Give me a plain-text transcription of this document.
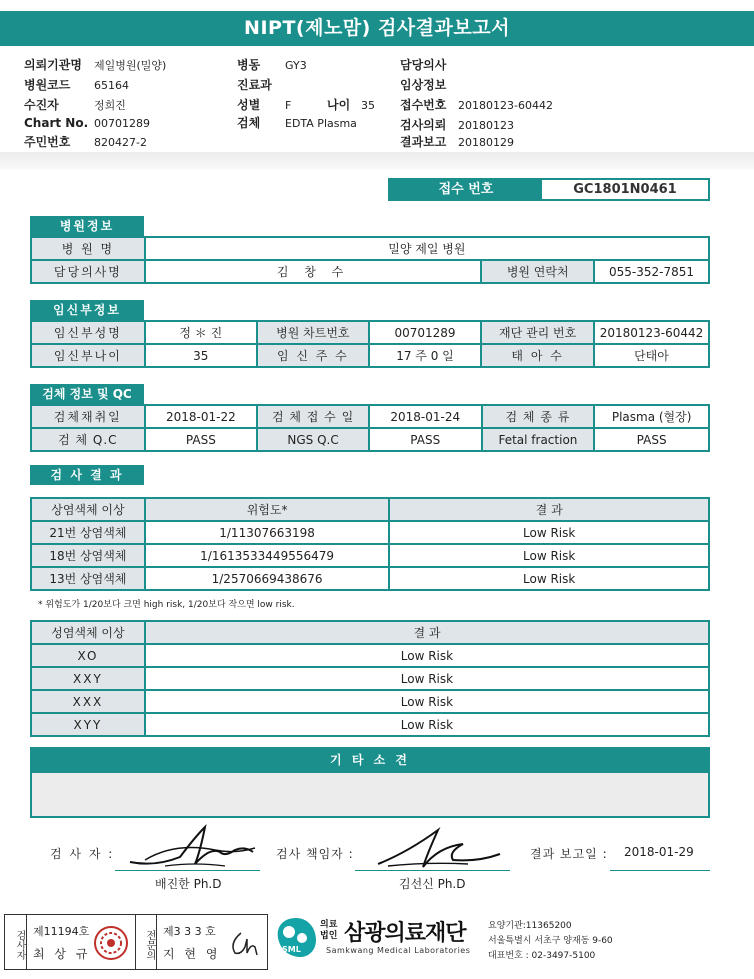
NIPT(제노맘) 검사결과보고서
의뢰기관명 제일병원(밀양)
병원코드 65164
수진자	정희진
Chart No. 00701289
주민번호 820427-2
병동 GY3
진료과
성별 F	나이 35
검체 EDTA Plasma
담당의사
임상정보
접수번호 20180123-60442
검사의뢰 20180123
결과보고 20180129
접수 번호	GC1801N0461
병원정보
병 원 명	밀양 제일 병원		
담당의사명	김 창 수	병원 연락처	055-352-7851
임신부정보
임신부성명	정 ＊ 진	병원 차트번호	00701289	재단 관리 번호	20180123-60442
임신부나이	35	임 신 주 수	17 주 0 일	태 아 수	단태아
검체 정보 및 QC
검체채취일	2018-01-22	검 체 접 수 일	2018-01-24	검 체 종 류	Plasma (혈장)
검 체 Q.C	PASS	NGS Q.C	PASS	Fetal fraction	PASS
검 사 결 과
상염색체 이상	위험도*	결 과
21번 상염색체	1/11307663198	Low Risk
18번 상염색체	1/1613533449556479	Low Risk
13번 상염색체	1/2570669438676	Low Risk
* 위험도가 1/20보다 크면 high risk, 1/20보다 작으면 low risk.
성염색체 이상	결 과
XO	Low Risk
XXY	Low Risk
XXX	Low Risk
XYY	Low Risk
기 타 소 견
검 사 자 :
배진한 Ph.D
검사 책임자 :
김선신 Ph.D
결과 보고일 : 2018-01-29
검사자 제11194호
최 상 규	전문의 제3 3 3 호
지 현 영	SML
의료법인 삼광의료재단
Samkwang Medical Laboratories
요양기관:11365200
서울특별시 서초구 양재동 9-60
대표번호 : 02-3497-5100
